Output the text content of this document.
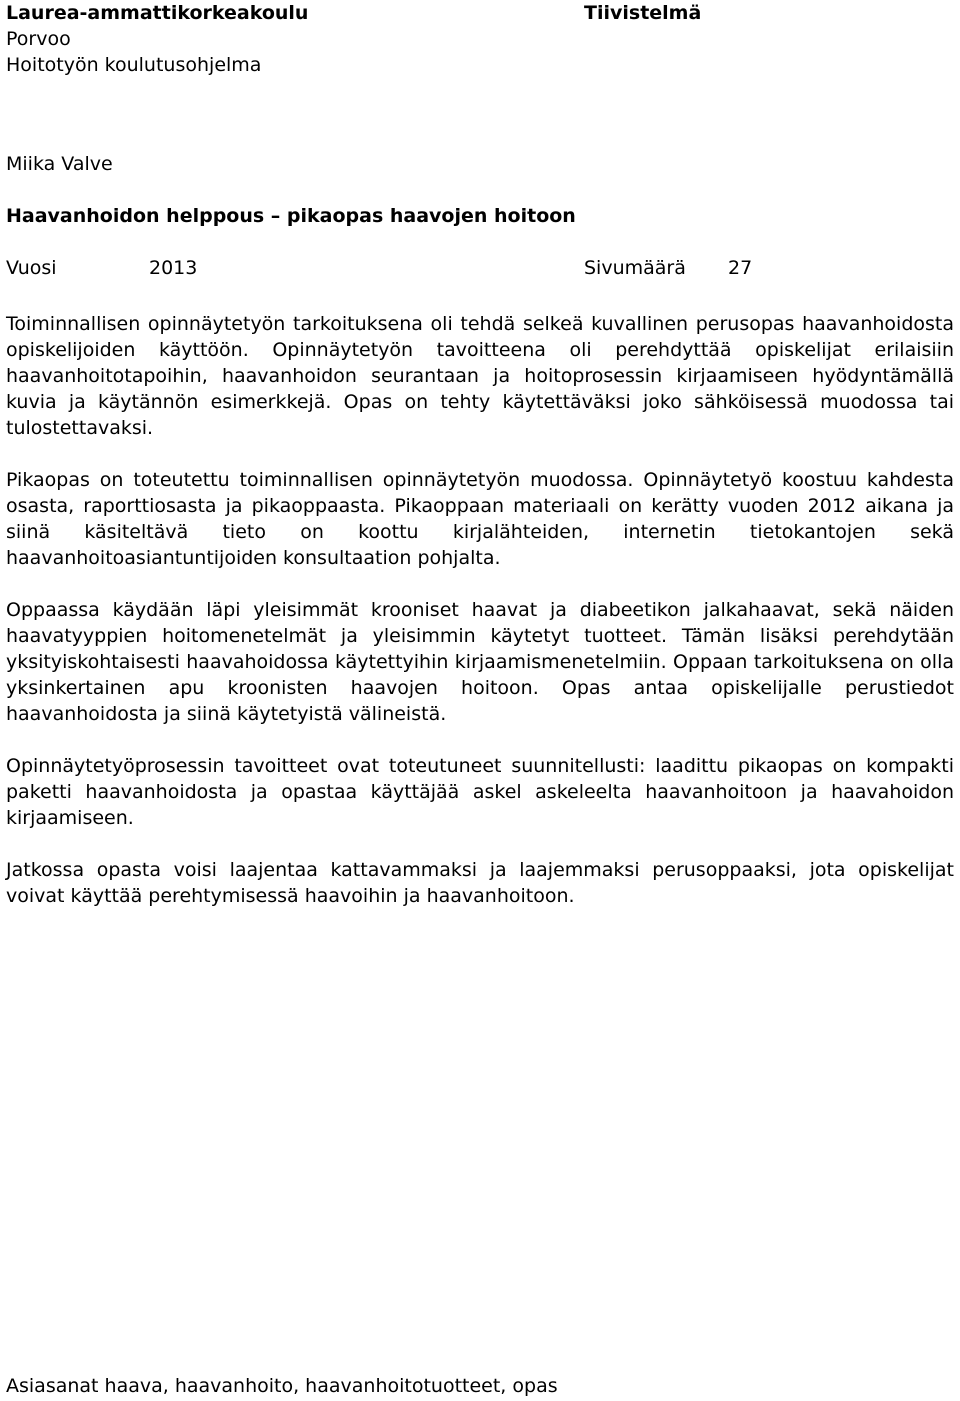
Laurea-ammattikorkeakoulu
Porvoo
Hoitotyön koulutusohjelma
Tiivistelmä
Miika Valve
Haavanhoidon helppous – pikaopas haavojen hoitoon
Vuosi	2013	Sivumäärä 27

Toiminnallisen opinnäytetyön tarkoituksena oli tehdä selkeä kuvallinen perusopas haavanhoidosta opiskelijoiden käyttöön. Opinnäytetyön tavoitteena oli perehdyttää opiskelijat erilaisiin haavanhoitotapoihin, haavanhoidon seurantaan ja hoitoprosessin kirjaamiseen hyödyntämällä kuvia ja käytännön esimerkkejä. Opas on tehty käytettäväksi joko sähköisessä muodossa tai tulostettavaksi.

Pikaopas on toteutettu toiminnallisen opinnäytetyön muodossa. Opinnäytetyö koostuu kahdesta osasta, raporttiosasta ja pikaoppaasta. Pikaoppaan materiaali on kerätty vuoden 2012 aikana ja siinä käsiteltävä tieto on koottu kirjalähteiden, internetin tietokantojen sekä haavanhoitoasiantuntijoiden konsultaation pohjalta.

Oppaassa käydään läpi yleisimmät krooniset haavat ja diabeetikon jalkahaavat, sekä näiden haavatyyppien hoitomenetelmät ja yleisimmin käytetyt tuotteet. Tämän lisäksi perehdytään yksityiskohtaisesti haavahoidossa käytettyihin kirjaamismenetelmiin. Oppaan tarkoituksena on olla yksinkertainen apu kroonisten haavojen hoitoon. Opas antaa opiskelijalle perustiedot haavanhoidosta ja siinä käytetyistä välineistä.

Opinnäytetyöprosessin tavoitteet ovat toteutuneet suunnitellusti: laadittu pikaopas on kompakti paketti haavanhoidosta ja opastaa käyttäjää askel askeleelta haavanhoitoon ja haavahoidon kirjaamiseen.

Jatkossa opasta voisi laajentaa kattavammaksi ja laajemmaksi perusoppaaksi, jota opiskelijat voivat käyttää perehtymisessä haavoihin ja haavanhoitoon.

Asiasanat haava, haavanhoito, haavanhoitotuotteet, opas
